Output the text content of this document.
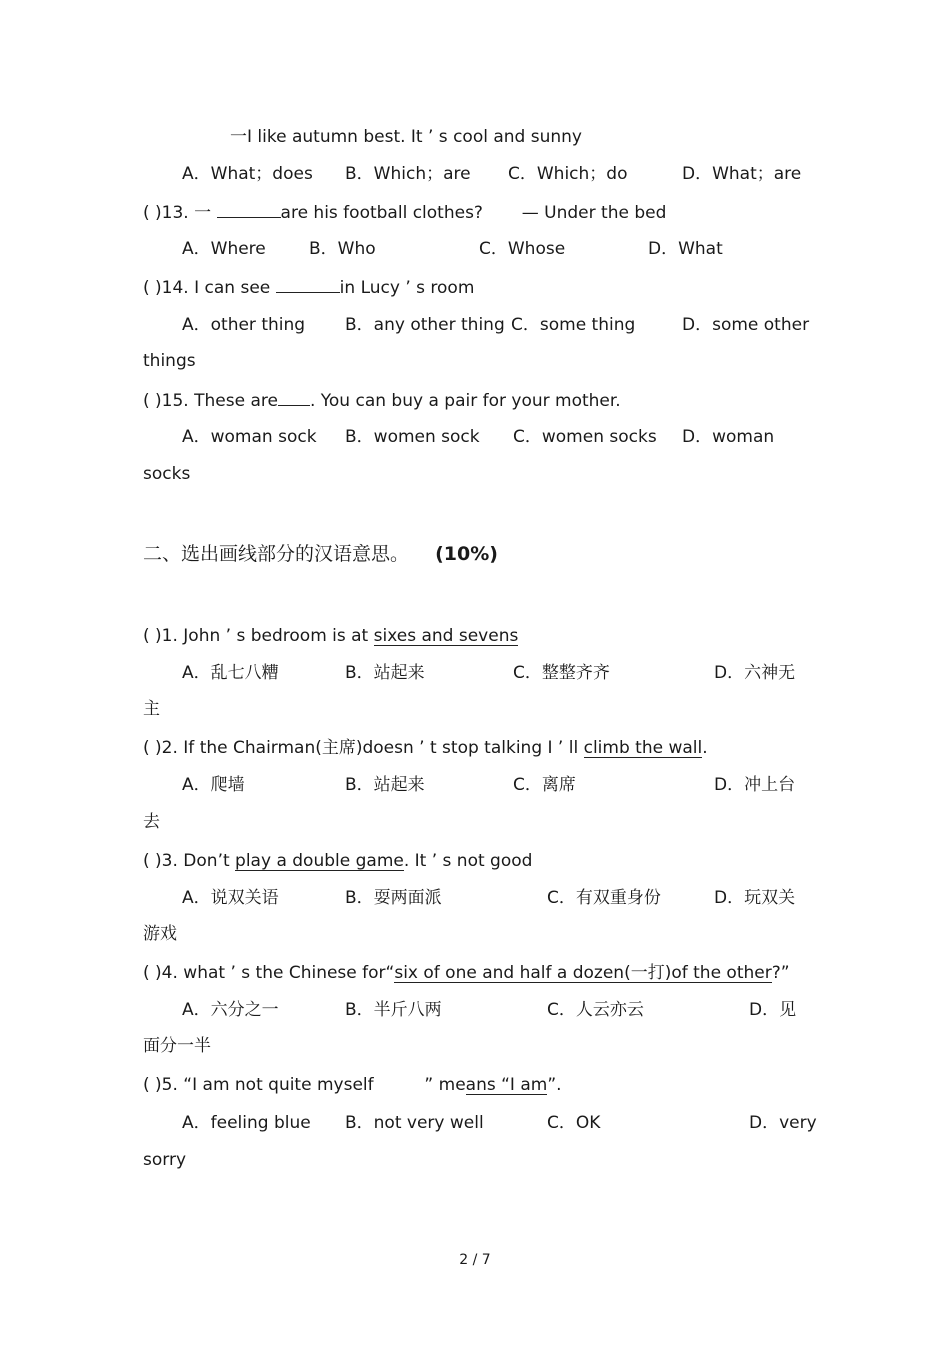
一I like autumn best. It ’ s cool and sunny
A．What；does B．Which；are C．Which；do	D．What；are
( )13. 一	are his football clothes? — Under the bed
A．Where	B．Who	C．Whose	D．What
( )14. I can see	in Lucy ’ s room
A．other thing B．any other thing C．some thing	D．some other
things
( )15. These are . You can buy a pair for your mother.
A．woman sock B．women sock C．women socks D．woman
socks
二、选出画线部分的汉语意思。 (10%)
( )1. John ’ s bedroom is at sixes and sevens
A．乱七八糟	B．站起来	C．整整齐齐	D．六神无
主
( )2. If the Chairman(主席)doesn ’ t stop talking I ’ ll climb the wall.
A．爬墙	B．站起来	C．离席	D．冲上台
去
( )3. Don’t play a double game. It ’ s not good
A．说双关语	B．耍两面派	C．有双重身份	D．玩双关
游戏
( )4. what ’ s the Chinese for“six of one and half a dozen(一打)of the other?”
A．六分之一	B．半斤八两	C．人云亦云	D．见
面分一半
( )5. “I am not quite myself	” means “I am”.
A．feeling blue B．not very well	C．OK	D．very
sorry
2 / 7
